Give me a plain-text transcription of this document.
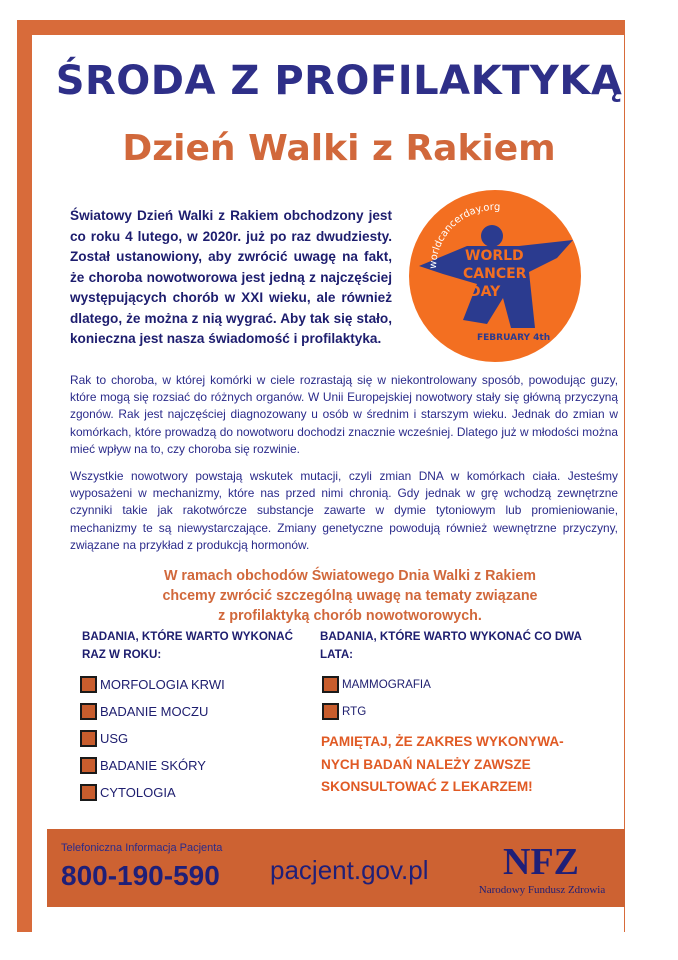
ŚRODA Z PROFILAKTYKĄ
Dzień Walki z Rakiem
Światowy Dzień Walki z Rakiem obchodzony jest co roku 4 lutego, w 2020r. już po raz dwudziesty. Został ustanowiony, aby zwrócić uwagę na fakt, że choroba nowotworowa jest jedną z najczęściej występujących chorób w XXI wieku, ale również dlatego, że można z nią wygrać. Aby tak się stało, konieczna jest nasza świadomość i profilaktyka.
worldcancerday.org
WORLD
CANCER
DAY
FEBRUARY 4th
Rak to choroba, w której komórki w ciele rozrastają się w niekontrolowany sposób, powodując guzy, które mogą się rozsiać do różnych organów. W Unii Europejskiej nowotwory stały się główną przyczyną zgonów. Rak jest najczęściej diagnozowany u osób w średnim i starszym wieku. Jednak do zmian w komórkach, które prowadzą do nowotworu dochodzi znacznie wcześniej. Dlatego już w młodości można mieć wpływ na to, czy choroba się rozwinie.
Wszystkie nowotwory powstają wskutek mutacji, czyli zmian DNA w komórkach ciała. Jesteśmy wyposażeni w mechanizmy, które nas przed nimi chronią. Gdy jednak w grę wchodzą zewnętrzne czynniki takie jak rakotwórcze substancje zawarte w dymie tytoniowym lub promieniowanie, mechanizmy te są niewystarczające. Zmiany genetyczne powodują również wewnętrzne przyczyny, związane na przykład z produkcją hormonów.
W ramach obchodów Światowego Dnia Walki z Rakiem
chcemy zwrócić szczególną uwagę na tematy związane
z profilaktyką chorób nowotworowych.
BADANIA, KTÓRE WARTO WYKONAĆ
RAZ W ROKU:
BADANIA, KTÓRE WARTO WYKONAĆ CO DWA
LATA:
MORFOLOGIA KRWI
BADANIE MOCZU
USG
BADANIE SKÓRY
CYTOLOGIA
MAMMOGRAFIA
RTG
PAMIĘTAJ, ŻE ZAKRES WYKONYWA-
NYCH BADAŃ NALEŻY ZAWSZE
SKONSULTOWAĆ Z LEKARZEM!
Telefoniczna Informacja Pacjenta
800-190-590 pacjent.gov.pl NFZ
Narodowy Fundusz Zdrowia
